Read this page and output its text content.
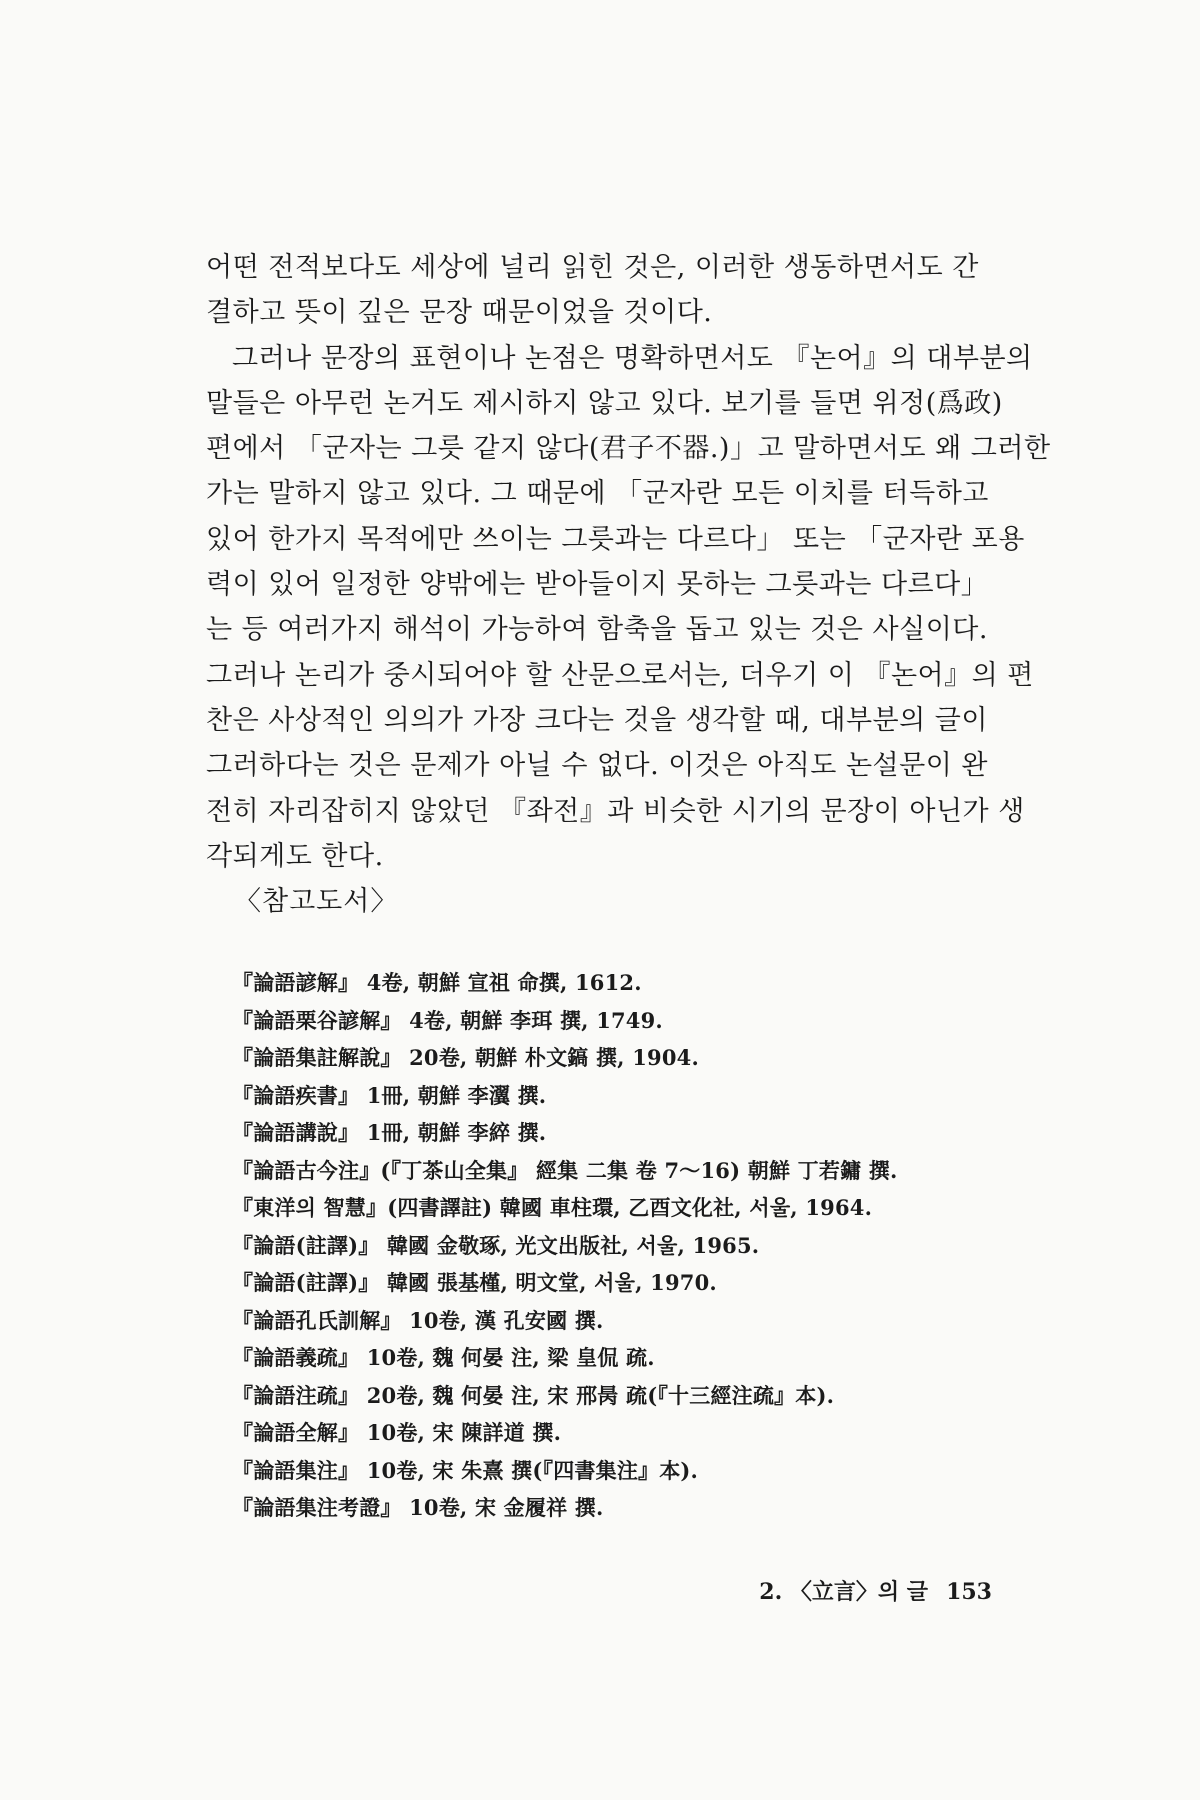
어떤 전적보다도 세상에 널리 읽힌 것은, 이러한 생동하면서도 간
결하고 뜻이 깊은 문장 때문이었을 것이다.
그러나 문장의 표현이나 논점은 명확하면서도 『논어』의 대부분의
말들은 아무런 논거도 제시하지 않고 있다. 보기를 들면 위정(爲政)
편에서 「군자는 그릇 같지 않다(君子不器.)」고 말하면서도 왜 그러한
가는 말하지 않고 있다. 그 때문에 「군자란 모든 이치를 터득하고
있어 한가지 목적에만 쓰이는 그릇과는 다르다」 또는 「군자란 포용
력이 있어 일정한 양밖에는 받아들이지 못하는 그릇과는 다르다」
는 등 여러가지 해석이 가능하여 함축을 돕고 있는 것은 사실이다.
그러나 논리가 중시되어야 할 산문으로서는, 더우기 이 『논어』의 편
찬은 사상적인 의의가 가장 크다는 것을 생각할 때, 대부분의 글이
그러하다는 것은 문제가 아닐 수 없다. 이것은 아직도 논설문이 완
전히 자리잡히지 않았던 『좌전』과 비슷한 시기의 문장이 아닌가 생
각되게도 한다.
〈참고도서〉
『論語諺解』 4卷, 朝鮮 宣祖 命撰, 1612.
『論語栗谷諺解』 4卷, 朝鮮 李珥 撰, 1749.
『論語集註解說』 20卷, 朝鮮 朴文鎬 撰, 1904.
『論語疾書』 1冊, 朝鮮 李瀷 撰.
『論語講說』 1冊, 朝鮮 李綷 撰.
『論語古今注』(『丁茶山全集』 經集 二集 卷 7～16) 朝鮮 丁若鏞 撰.
『東洋의 智慧』(四書譯註) 韓國 車柱環, 乙酉文化社, 서울, 1964.
『論語(註譯)』 韓國 金敬琢, 光文出版社, 서울, 1965.
『論語(註譯)』 韓國 張基槿, 明文堂, 서울, 1970.
『論語孔氏訓解』 10卷, 漢 孔安國 撰.
『論語義疏』 10卷, 魏 何晏 注, 梁 皇侃 疏.
『論語注疏』 20卷, 魏 何晏 注, 宋 邢昺 疏(『十三經注疏』本).
『論語全解』 10卷, 宋 陳詳道 撰.
『論語集注』 10卷, 宋 朱熹 撰(『四書集注』本).
『論語集注考證』 10卷, 宋 金履祥 撰.
2. 〈立言〉의 글 153
